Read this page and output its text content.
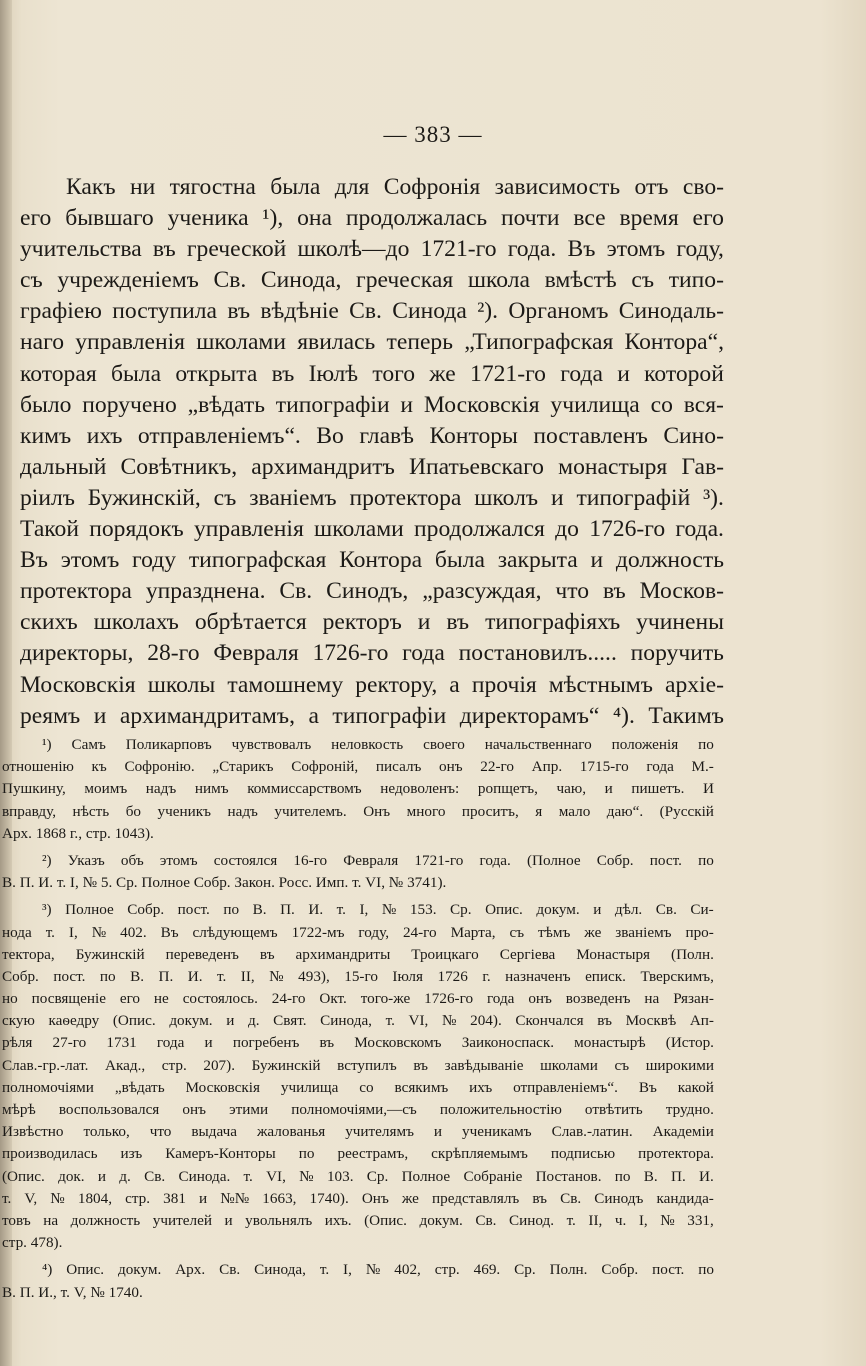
— 383 —
Какъ ни тягостна была для Софронія зависимость отъ сво-
его бывшаго ученика ¹), она продолжалась почти все время его
учительства въ греческой школѣ—до 1721-го года. Въ этомъ году,
съ учрежденіемъ Св. Синода, греческая школа вмѣстѣ съ типо-
графіею поступила въ вѣдѣніе Св. Синода ²). Органомъ Синодаль-
наго управленія школами явилась теперь „Типографская Контора“,
которая была открыта въ Іюлѣ того же 1721-го года и которой
было поручено „вѣдать типографіи и Московскія училища со вся-
кимъ ихъ отправленіемъ“. Во главѣ Конторы поставленъ Сино-
дальный Совѣтникъ, архимандритъ Ипатьевскаго монастыря Гав-
ріилъ Бужинскій, съ званіемъ протектора школъ и типографій ³).
Такой порядокъ управленія школами продолжался до 1726-го года.
Въ этомъ году типографская Контора была закрыта и должность
протектора упразднена. Св. Синодъ, „разсуждая, что въ Москов-
скихъ школахъ обрѣтается ректоръ и въ типографіяхъ учинены
директоры, 28-го Февраля 1726-го года постановилъ..... поручить
Московскія школы тамошнему ректору, а прочія мѣстнымъ архіе-
реямъ и архимандритамъ, а типографіи директорамъ“ ⁴). Такимъ
¹) Самъ Поликарповъ чувствовалъ неловкость своего начальственнаго положенія по
отношенію къ Софронію. „Старикъ Софроній, писалъ онъ 22-го Апр. 1715-го года М.-
Пушкину, моимъ надъ нимъ коммиссарствомъ недоволенъ: ропщетъ, чаю, и пишетъ. И
вправду, нѣсть бо ученикъ надъ учителемъ. Онъ много проситъ, я мало даю“. (Русскій
Арх. 1868 г., стр. 1043).
²) Указъ объ этомъ состоялся 16-го Февраля 1721-го года. (Полное Собр. пост. по
В. П. И. т. I, № 5. Ср. Полное Собр. Закон. Росс. Имп. т. VI, № 3741).
³) Полное Собр. пост. по В. П. И. т. I, № 153. Ср. Опис. докум. и дѣл. Св. Си-
нода т. I, № 402. Въ слѣдующемъ 1722-мъ году, 24-го Марта, съ тѣмъ же званіемъ про-
тектора, Бужинскій переведенъ въ архимандриты Троицкаго Сергіева Монастыря (Полн.
Собр. пост. по В. П. И. т. II, № 493), 15-го Іюля 1726 г. назначенъ епиcк. Тверскимъ,
но посвященіе его не состоялось. 24-го Окт. того-же 1726-го года онъ возведенъ на Рязан-
скую каѳедру (Опис. докум. и д. Свят. Синода, т. VI, № 204). Скончался въ Москвѣ Ап-
рѣля 27-го 1731 года и погребенъ въ Московскомъ Заиконоспаск. монастырѣ (Истор.
Слав.-гр.-лат. Акад., стр. 207). Бужинскій вступилъ въ завѣдываніе школами съ широкими
полномочіями „вѣдать Московскія училища со всякимъ ихъ отправленіемъ“. Въ какой
мѣрѣ воспользовался онъ этими полномочіями,—съ положительностію отвѣтить трудно.
Извѣстно только, что выдача жалованья учителямъ и ученикамъ Слав.-латин. Академіи
производилась изъ Камеръ-Конторы по реестрамъ, скрѣпляемымъ подписью протектора.
(Опис. док. и д. Св. Синода. т. VI, № 103. Ср. Полное Собраніе Постанов. по В. П. И.
т. V, № 1804, стр. 381 и №№ 1663, 1740). Онъ же представлялъ въ Св. Синодъ кандида-
товъ на должность учителей и увольнялъ ихъ. (Опис. докум. Св. Синод. т. II, ч. I, № 331,
стр. 478).
⁴) Опис. докум. Арх. Св. Синода, т. I, № 402, стр. 469. Ср. Полн. Собр. пост. по
В. П. И., т. V, № 1740.
